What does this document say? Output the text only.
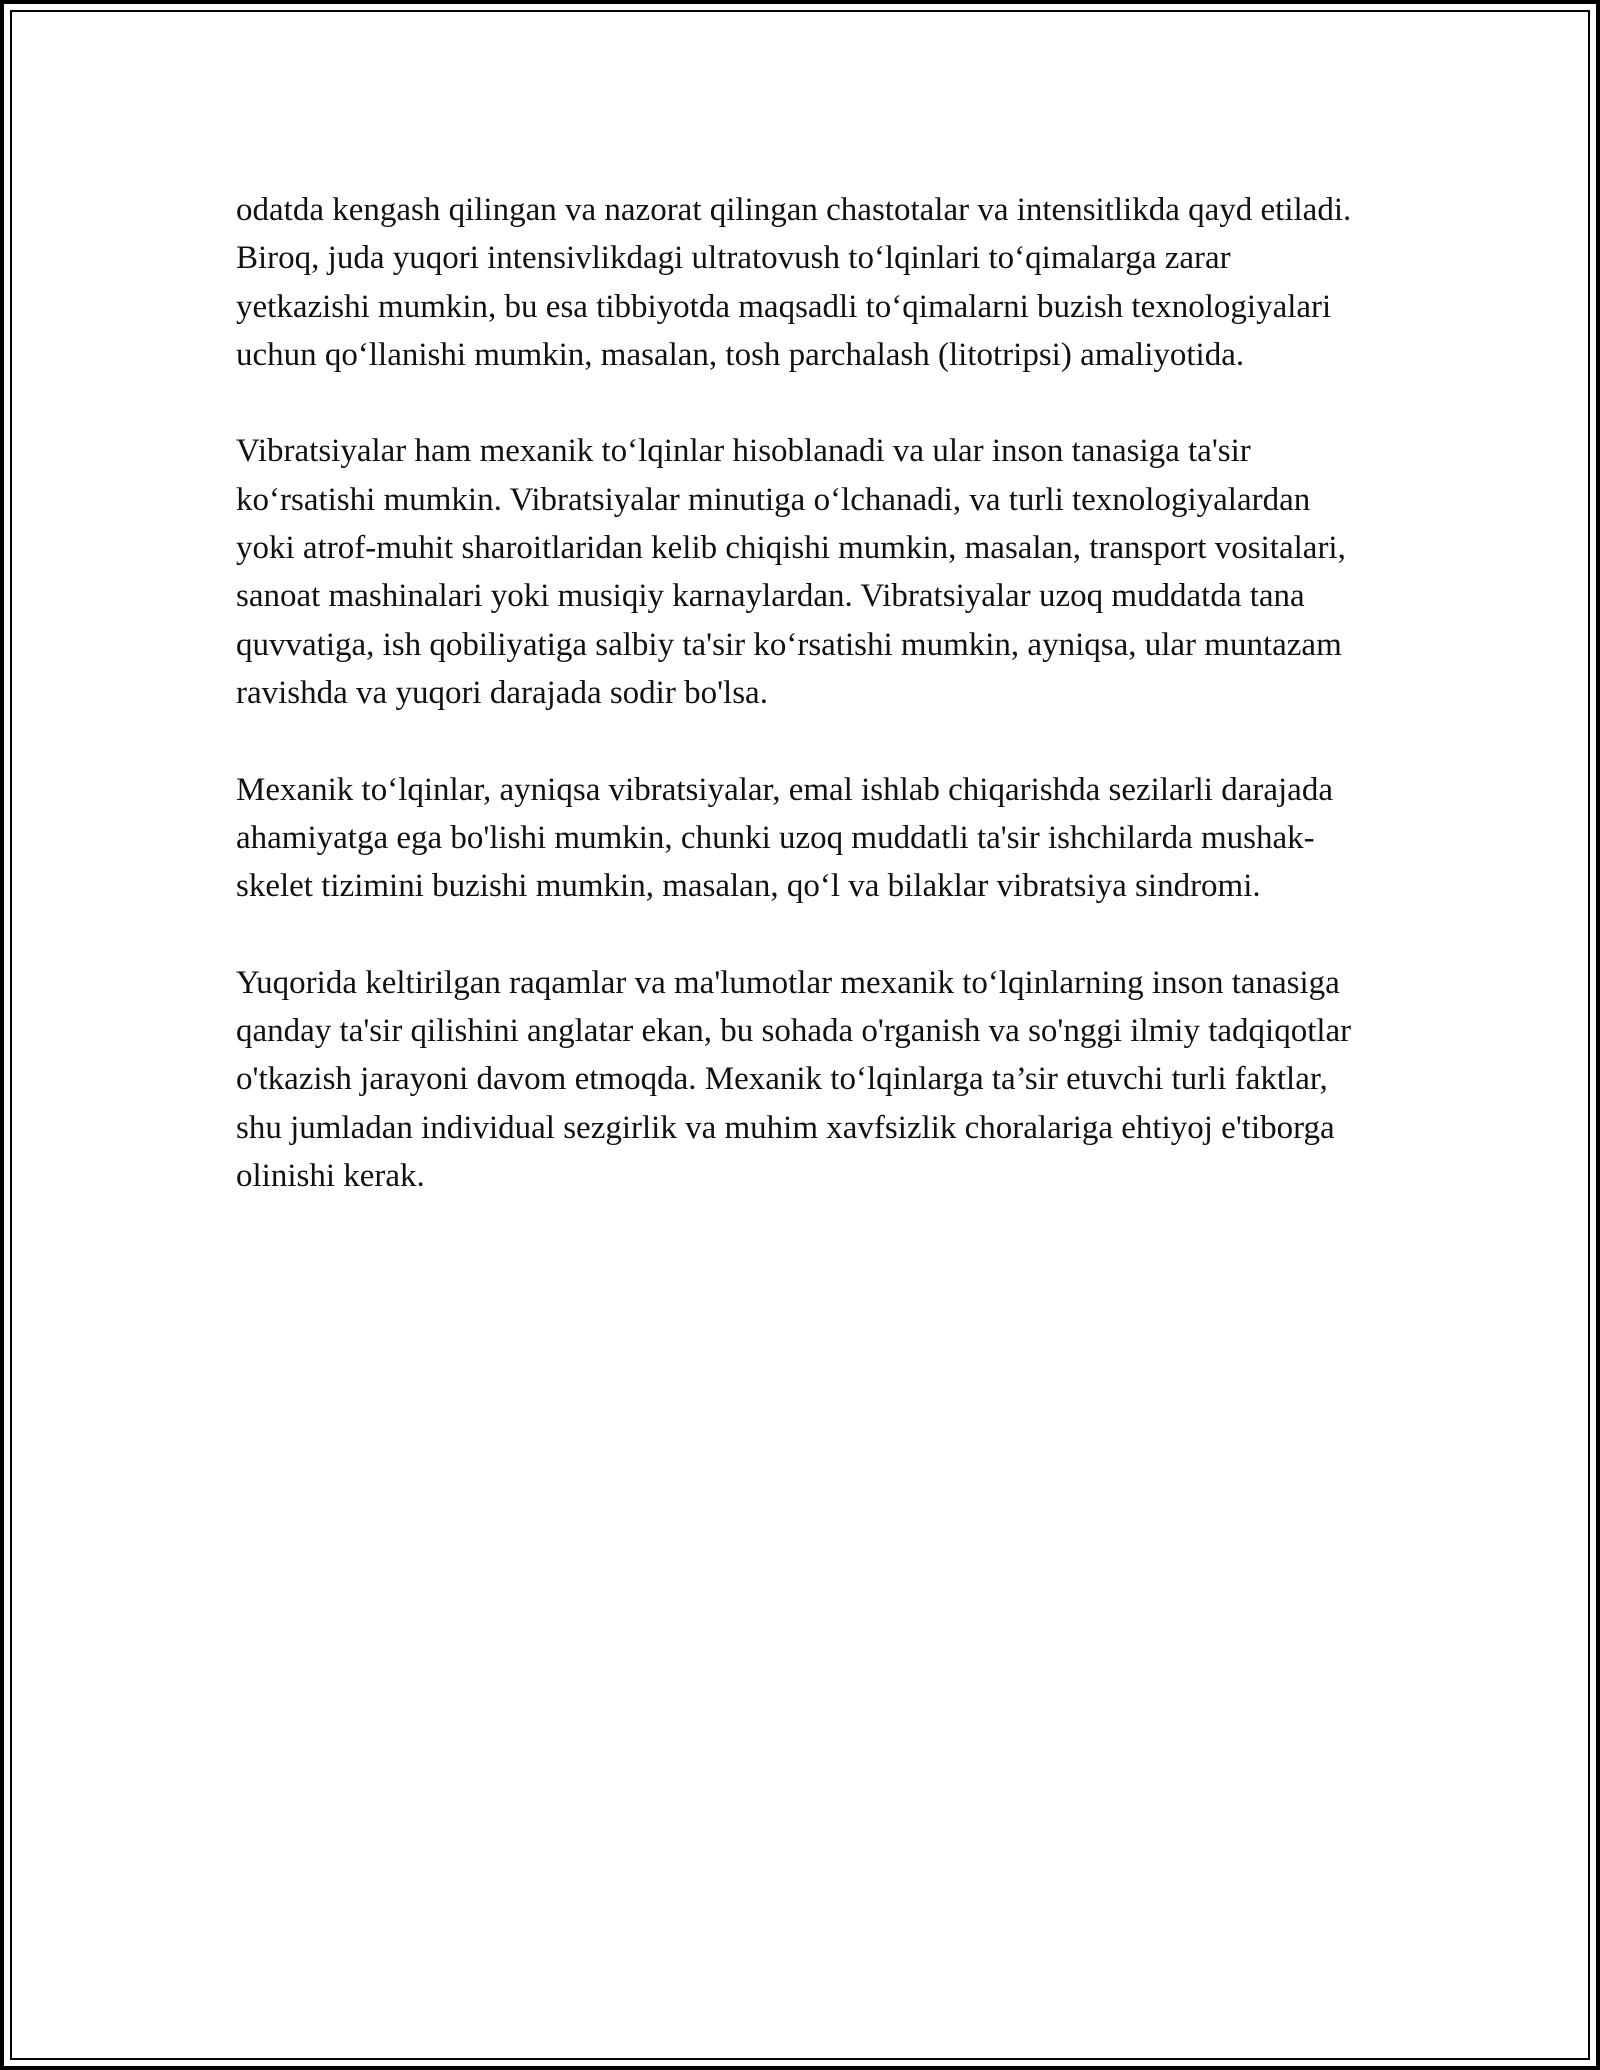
odatda kengash qilingan va nazorat qilingan chastotalar va intensitlikda qayd etiladi. Biroq, juda yuqori intensivlikdagi ultratovush to‘lqinlari to‘qimalarga zarar yetkazishi mumkin, bu esa tibbiyotda maqsadli to‘qimalarni buzish texnologiyalari uchun qo‘llanishi mumkin, masalan, tosh parchalash (litotripsi) amaliyotida.

Vibratsiyalar ham mexanik to‘lqinlar hisoblanadi va ular inson tanasiga ta'sir ko‘rsatishi mumkin. Vibratsiyalar minutiga o‘lchanadi, va turli texnologiyalardan yoki atrof-muhit sharoitlaridan kelib chiqishi mumkin, masalan, transport vositalari, sanoat mashinalari yoki musiqiy karnaylardan. Vibratsiyalar uzoq muddatda tana quvvatiga, ish qobiliyatiga salbiy ta'sir ko‘rsatishi mumkin, ayniqsa, ular muntazam ravishda va yuqori darajada sodir bo'lsa.

Mexanik to‘lqinlar, ayniqsa vibratsiyalar, emal ishlab chiqarishda sezilarli darajada ahamiyatga ega bo'lishi mumkin, chunki uzoq muddatli ta'sir ishchilarda mushak-skelet tizimini buzishi mumkin, masalan, qo‘l va bilaklar vibratsiya sindromi.

Yuqorida keltirilgan raqamlar va ma'lumotlar mexanik to‘lqinlarning inson tanasiga qanday ta'sir qilishini anglatar ekan, bu sohada o'rganish va so'nggi ilmiy tadqiqotlar o'tkazish jarayoni davom etmoqda. Mexanik to‘lqinlarga ta’sir etuvchi turli faktlar, shu jumladan individual sezgirlik va muhim xavfsizlik choralariga ehtiyoj e'tiborga olinishi kerak.
